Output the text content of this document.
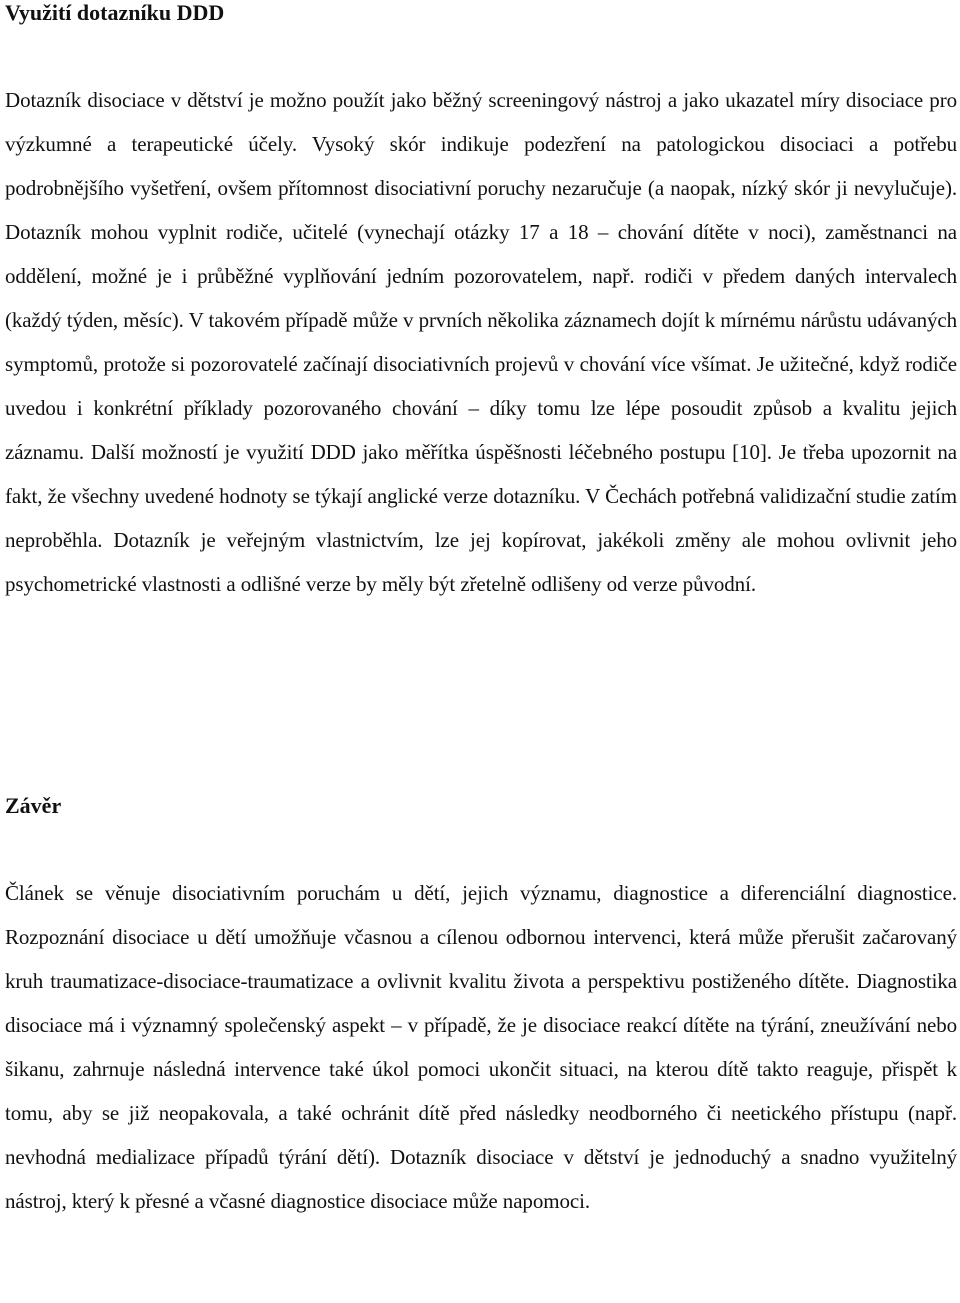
Využití dotazníku DDD

Dotazník disociace v dětství je možno použít jako běžný screeningový nástroj a jako ukazatel míry disociace pro výzkumné a terapeutické účely. Vysoký skór indikuje podezření na patologickou disociaci a potřebu podrobnějšího vyšetření, ovšem přítomnost disociativní poruchy nezaručuje (a naopak, nízký skór ji nevylučuje). Dotazník mohou vyplnit rodiče, učitelé (vynechají otázky 17 a 18 – chování dítěte v noci), zaměstnanci na oddělení, možné je i průběžné vyplňování jedním pozorovatelem, např. rodiči v předem daných intervalech (každý týden, měsíc). V takovém případě může v prvních několika záznamech dojít k mírnému nárůstu udávaných symptomů, protože si pozorovatelé začínají disociativních projevů v chování více všímat. Je užitečné, když rodiče uvedou i konkrétní příklady pozorovaného chování – díky tomu lze lépe posoudit způsob a kvalitu jejich záznamu. Další možností je využití DDD jako měřítka úspěšnosti léčebného postupu [10]. Je třeba upozornit na fakt, že všechny uvedené hodnoty se týkají anglické verze dotazníku. V Čechách potřebná validizační studie zatím neproběhla. Dotazník je veřejným vlastnictvím, lze jej kopírovat, jakékoli změny ale mohou ovlivnit jeho psychometrické vlastnosti a odlišné verze by měly být zřetelně odlišeny od verze původní.

Závěr

Článek se věnuje disociativním poruchám u dětí, jejich významu, diagnostice a diferenciální diagnostice. Rozpoznání disociace u dětí umožňuje včasnou a cílenou odbornou intervenci, která může přerušit začarovaný kruh traumatizace-disociace-traumatizace a ovlivnit kvalitu života a perspektivu postiženého dítěte. Diagnostika disociace má i významný společenský aspekt – v případě, že je disociace reakcí dítěte na týrání, zneužívání nebo šikanu, zahrnuje následná intervence také úkol pomoci ukončit situaci, na kterou dítě takto reaguje, přispět k tomu, aby se již neopakovala, a také ochránit dítě před následky neodborného či neetického přístupu (např. nevhodná medializace případů týrání dětí). Dotazník disociace v dětství je jednoduchý a snadno využitelný nástroj, který k přesné a včasné diagnostice disociace může napomoci.
